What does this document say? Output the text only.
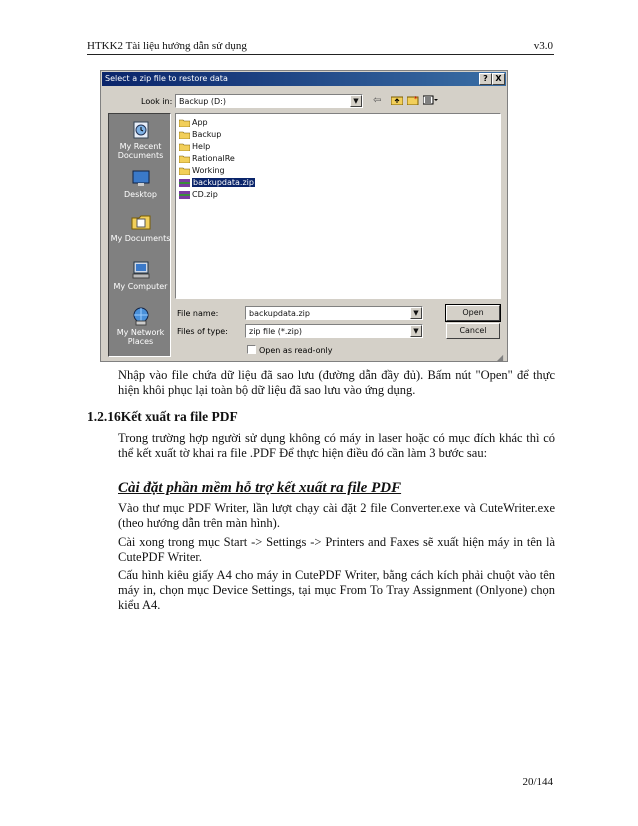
HTKK2 Tài liệu hướng dẫn sử dụng	v3.0
Select a zip file to restore data	? X
Look in: Backup (D:)	▼	⇦	*
My Recent Documents
Desktop
My Documents
My Computer
My Network Places
App
Backup
Help
RationalRe
Working
backupdata.zip
CD.zip
File name:	backupdata.zip	▼
Files of type:	zip file (*.zip)	▼
Open
Cancel
Open as read-only
◢
Nhập vào file chứa dữ liệu đã sao lưu (đường dẫn đầy đủ). Bấm nút "Open" để thực hiện khôi phục lại toàn bộ dữ liệu đã sao lưu vào ứng dụng.
1.2.16Kết xuất ra file PDF
Trong trường hợp người sử dụng không có máy in laser hoặc có mục đích khác thì có thể kết xuất tờ khai ra file .PDF Để thực hiện điều đó cần làm 3 bước sau:
Cài đặt phần mềm hỗ trợ kết xuất ra file PDF
Vào thư mục PDF Writer, lần lượt chạy cài đặt 2 file Converter.exe và CuteWriter.exe (theo hướng dẫn trên màn hình).
Cài xong trong mục Start -> Settings -> Printers and Faxes sẽ xuất hiện máy in tên là CutePDF Writer.
Cấu hình kiêu giấy A4 cho máy in CutePDF Writer, bằng cách kích phải chuột vào tên máy in, chọn mục Device Settings, tại mục From To Tray Assignment (Onlyone) chọn kiểu A4.
20/144
